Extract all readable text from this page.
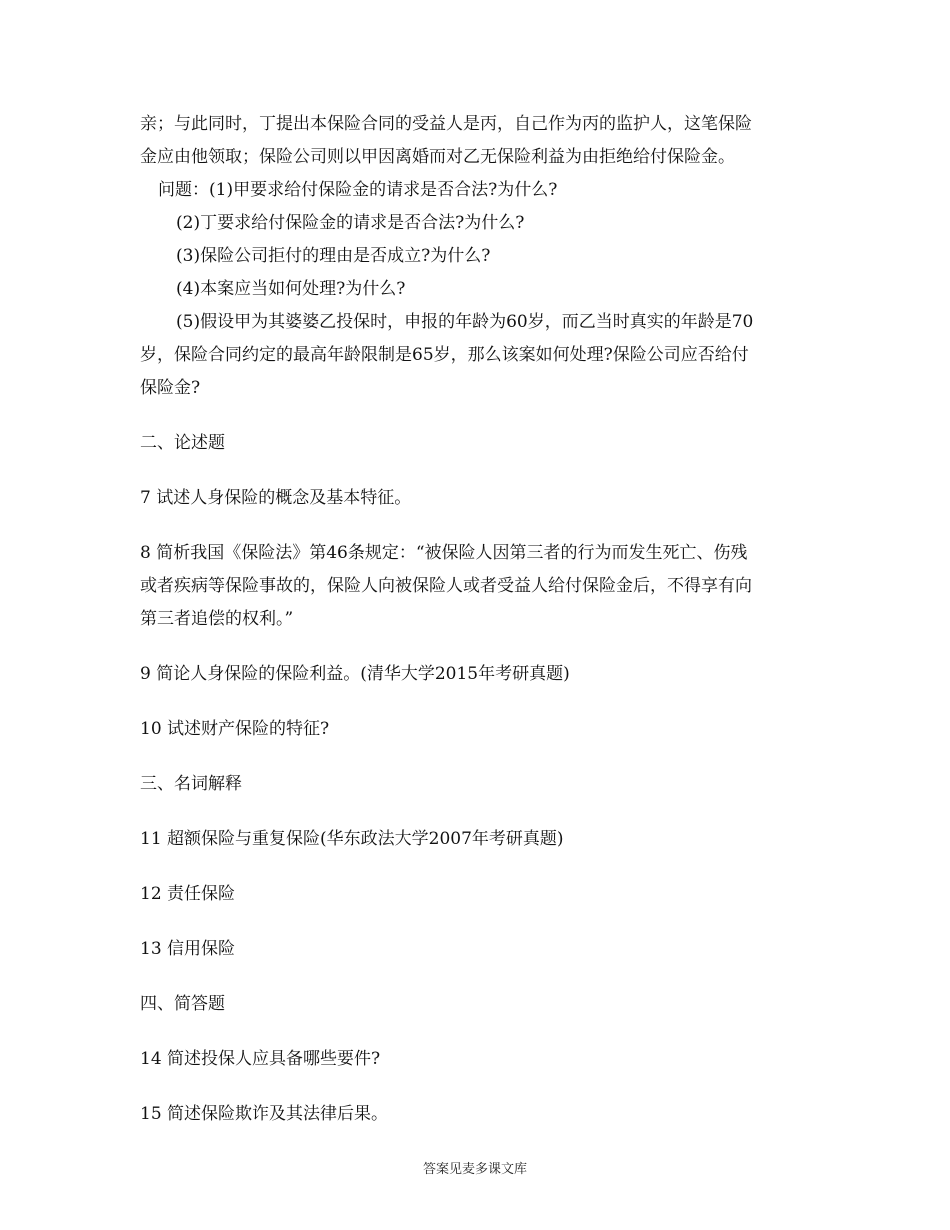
亲；与此同时，丁提出本保险合同的受益人是丙，自己作为丙的监护人，这笔保险

金应由他领取；保险公司则以甲因离婚而对乙无保险利益为由拒绝给付保险金。

问题：(1)甲要求给付保险金的请求是否合法?为什么?

(2)丁要求给付保险金的请求是否合法?为什么?

(3)保险公司拒付的理由是否成立?为什么?

(4)本案应当如何处理?为什么?

(5)假设甲为其婆婆乙投保时，申报的年龄为60岁，而乙当时真实的年龄是70

岁，保险合同约定的最高年龄限制是65岁，那么该案如何处理?保险公司应否给付

保险金?

二、论述题

7 试述人身保险的概念及基本特征。

8 简析我国《保险法》第46条规定：“被保险人因第三者的行为而发生死亡、伤残

或者疾病等保险事故的，保险人向被保险人或者受益人给付保险金后，不得享有向

第三者追偿的权利。”

9 简论人身保险的保险利益。(清华大学2015年考研真题)

10 试述财产保险的特征?

三、名词解释

11 超额保险与重复保险(华东政法大学2007年考研真题)

12 责任保险

13 信用保险

四、简答题

14 简述投保人应具备哪些要件?

15 简述保险欺诈及其法律后果。

答案见麦多课文库
